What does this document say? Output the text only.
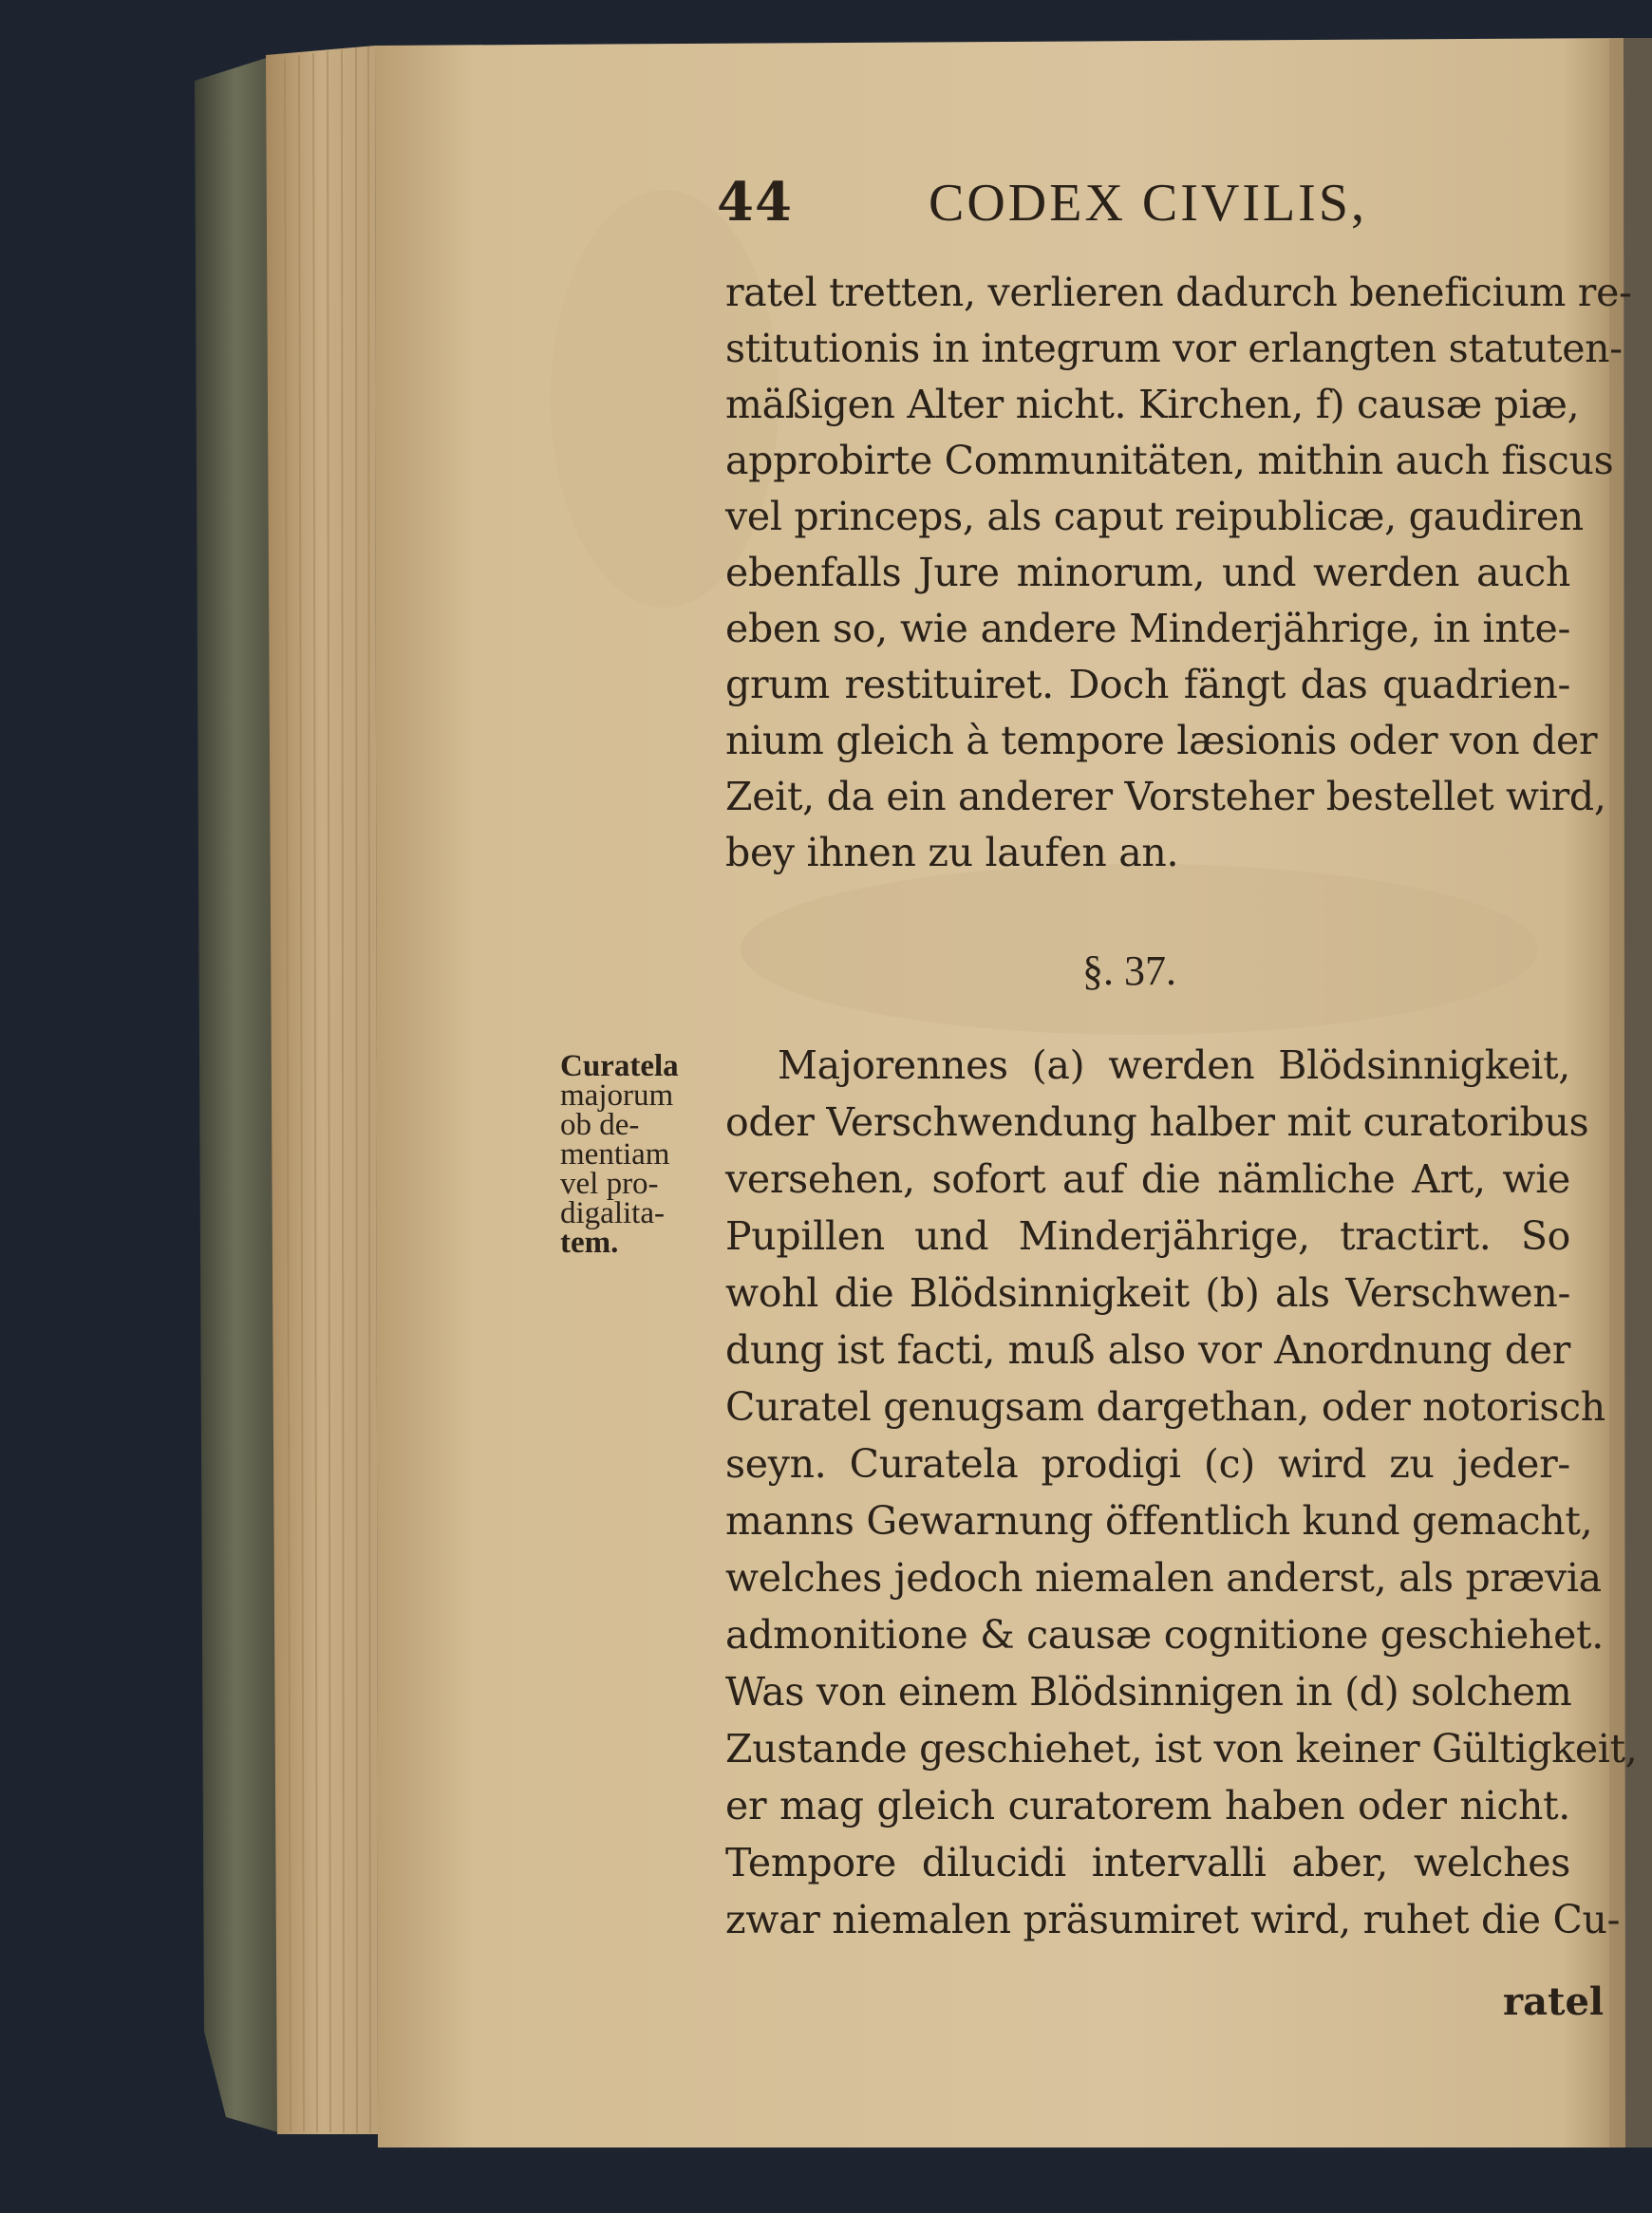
44	CODEX CIVILIS,
ratel tretten, verlieren dadurch beneficium re-
stitutionis in integrum vor erlangten statuten-
mäßigen Alter nicht. Kirchen, f) causæ piæ,
approbirte Communitäten, mithin auch fiscus
vel princeps, als caput reipublicæ, gaudiren
ebenfalls Jure minorum, und werden auch
eben so, wie andere Minderjährige, in inte-
grum restituiret. Doch fängt das quadrien-
nium gleich à tempore læsionis oder von der
Zeit, da ein anderer Vorsteher bestellet wird,
bey ihnen zu laufen an.
§. 37.
Curatela
majorum
ob de-
mentiam
vel pro-
digalita-
tem.
Majorennes (a) werden Blödsinnigkeit,
oder Verschwendung halber mit curatoribus
versehen, sofort auf die nämliche Art, wie
Pupillen und Minderjährige, tractirt. So
wohl die Blödsinnigkeit (b) als Verschwen-
dung ist facti, muß also vor Anordnung der
Curatel genugsam dargethan, oder notorisch
seyn. Curatela prodigi (c) wird zu jeder-
manns Gewarnung öffentlich kund gemacht,
welches jedoch niemalen anderst, als prævia
admonitione & causæ cognitione geschiehet.
Was von einem Blödsinnigen in (d) solchem
Zustande geschiehet, ist von keiner Gültigkeit,
er mag gleich curatorem haben oder nicht.
Tempore dilucidi intervalli aber, welches
zwar niemalen präsumiret wird, ruhet die Cu-
ratel
